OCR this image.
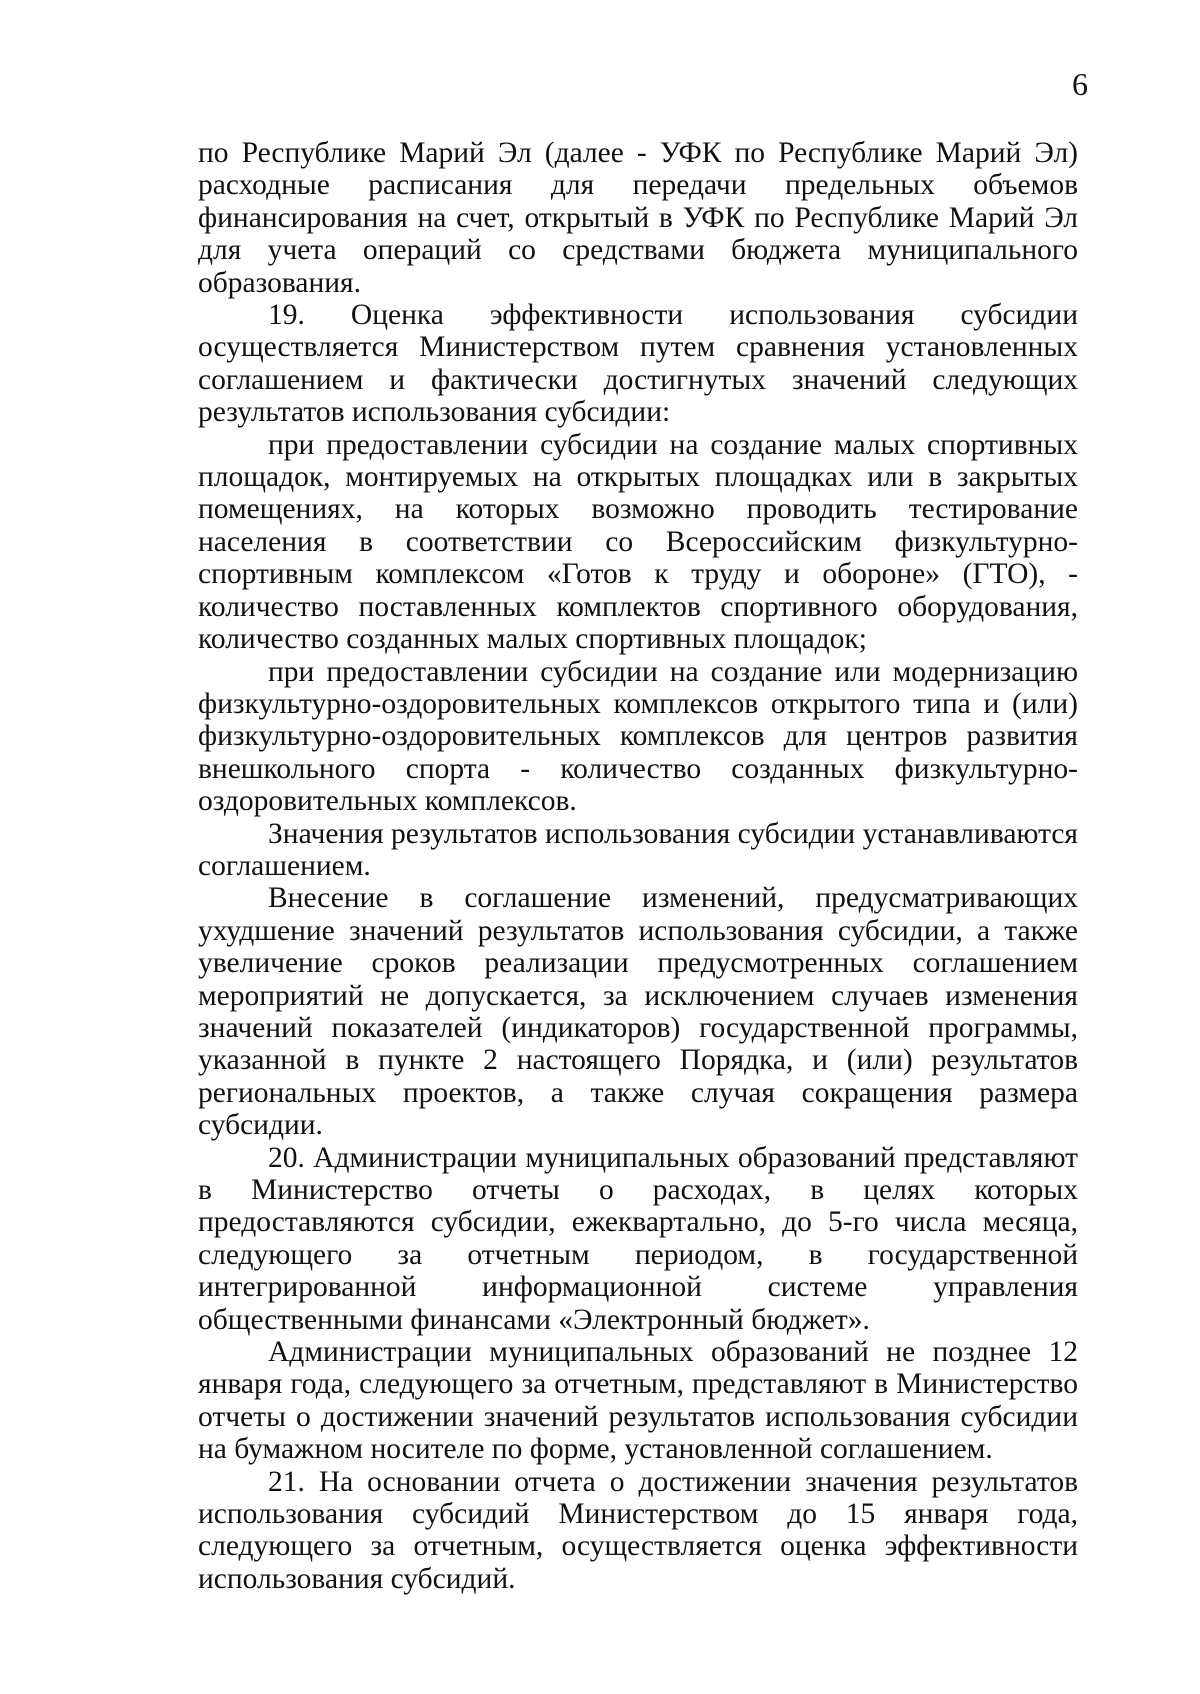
6

по Республике Марий Эл (далее - УФК по Республике Марий Эл) расходные расписания для передачи предельных объемов финансирования на счет, открытый в УФК по Республике Марий Эл для учета операций со средствами бюджета муниципального образования.

19. Оценка эффективности использования субсидии осуществляется Министерством путем сравнения установленных соглашением и фактически достигнутых значений следующих результатов использования субсидии:

при предоставлении субсидии на создание малых спортивных площадок, монтируемых на открытых площадках или в закрытых помещениях, на которых возможно проводить тестирование населения в соответствии со Всероссийским физкультурно-спортивным комплексом «Готов к труду и обороне» (ГТО), - количество поставленных комплектов спортивного оборудования, количество созданных малых спортивных площадок;

при предоставлении субсидии на создание или модернизацию физкультурно-оздоровительных комплексов открытого типа и (или) физкультурно-оздоровительных комплексов для центров развития внешкольного спорта - количество созданных физкультурно-оздоровительных комплексов.

Значения результатов использования субсидии устанавливаются соглашением.

Внесение в соглашение изменений, предусматривающих ухудшение значений результатов использования субсидии, а также увеличение сроков реализации предусмотренных соглашением мероприятий не допускается, за исключением случаев изменения значений показателей (индикаторов) государственной программы, указанной в пункте 2 настоящего Порядка, и (или) результатов региональных проектов, а также случая сокращения размера субсидии.

20. Администрации муниципальных образований представляют в Министерство отчеты о расходах, в целях которых предоставляются субсидии, ежеквартально, до 5-го числа месяца, следующего за отчетным периодом, в государственной интегрированной информационной системе управления общественными финансами «Электронный бюджет».

Администрации муниципальных образований не позднее 12 января года, следующего за отчетным, представляют в Министерство отчеты о достижении значений результатов использования субсидии на бумажном носителе по форме, установленной соглашением.

21. На основании отчета о достижении значения результатов использования субсидий Министерством до 15 января года, следующего за отчетным, осуществляется оценка эффективности использования субсидий.
